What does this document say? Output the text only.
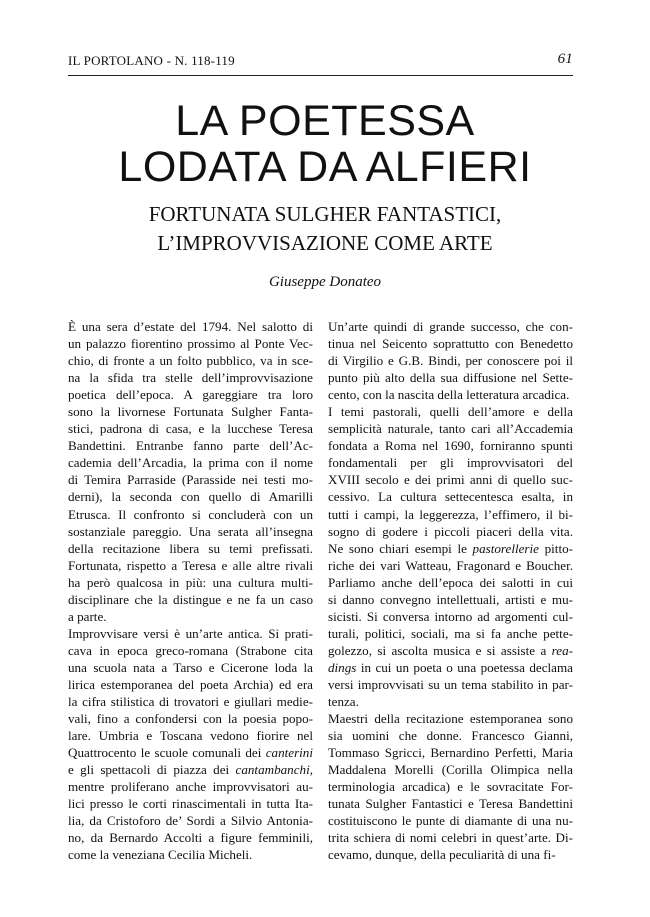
IL PORTOLANO - N. 118-119	61
LA POETESSA
LODATA DA ALFIERI
FORTUNATA SULGHER FANTASTICI,
L’IMPROVVISAZIONE COME ARTE
Giuseppe Donateo
È una sera d’estate del 1794. Nel salotto di
un palazzo fiorentino prossimo al Ponte Vec-
chio, di fronte a un folto pubblico, va in sce-
na la sfida tra stelle dell’improvvisazione
poetica dell’epoca. A gareggiare tra loro
sono la livornese Fortunata Sulgher Fanta-
stici, padrona di casa, e la lucchese Teresa
Bandettini. Entranbe fanno parte dell’Ac-
cademia dell’Arcadia, la prima con il nome
di Temira Parraside (Parasside nei testi mo-
derni), la seconda con quello di Amarilli
Etrusca. Il confronto si concluderà con un
sostanziale pareggio. Una serata all’insegna
della recitazione libera su temi prefissati.
Fortunata, rispetto a Teresa e alle altre rivali
ha però qualcosa in più: una cultura multi-
disciplinare che la distingue e ne fa un caso
a parte.
Improvvisare versi è un’arte antica. Si prati-
cava in epoca greco-romana (Strabone cita
una scuola nata a Tarso e Cicerone loda la
lirica estemporanea del poeta Archia) ed era
la cifra stilistica di trovatori e giullari medie-
vali, fino a confondersi con la poesia popo-
lare. Umbria e Toscana vedono fiorire nel
Quattrocento le scuole comunali dei canterini
e gli spettacoli di piazza dei cantambanchi,
mentre proliferano anche improvvisatori au-
lici presso le corti rinascimentali in tutta Ita-
lia, da Cristoforo de’ Sordi a Silvio Antonia-
no, da Bernardo Accolti a figure femminili,
come la veneziana Cecilia Micheli.
Un’arte quindi di grande successo, che con-
tinua nel Seicento soprattutto con Benedetto
di Virgilio e G.B. Bindi, per conoscere poi il
punto più alto della sua diffusione nel Sette-
cento, con la nascita della letteratura arcadica.
I temi pastorali, quelli dell’amore e della
semplicità naturale, tanto cari all’Accademia
fondata a Roma nel 1690, forniranno spunti
fondamentali per gli improvvisatori del
XVIII secolo e dei primi anni di quello suc-
cessivo. La cultura settecentesca esalta, in
tutti i campi, la leggerezza, l’effimero, il bi-
sogno di godere i piccoli piaceri della vita.
Ne sono chiari esempi le pastorellerie pitto-
riche dei vari Watteau, Fragonard e Boucher.
Parliamo anche dell’epoca dei salotti in cui
si danno convegno intellettuali, artisti e mu-
sicisti. Si conversa intorno ad argomenti cul-
turali, politici, sociali, ma si fa anche pette-
golezzo, si ascolta musica e si assiste a rea-
dings in cui un poeta o una poetessa declama
versi improvvisati su un tema stabilito in par-
tenza.
Maestri della recitazione estemporanea sono
sia uomini che donne. Francesco Gianni,
Tommaso Sgricci, Bernardino Perfetti, Maria
Maddalena Morelli (Corilla Olimpica nella
terminologia arcadica) e le sovracitate For-
tunata Sulgher Fantastici e Teresa Bandettini
costituiscono le punte di diamante di una nu-
trita schiera di nomi celebri in quest’arte. Di-
cevamo, dunque, della peculiarità di una fi-
